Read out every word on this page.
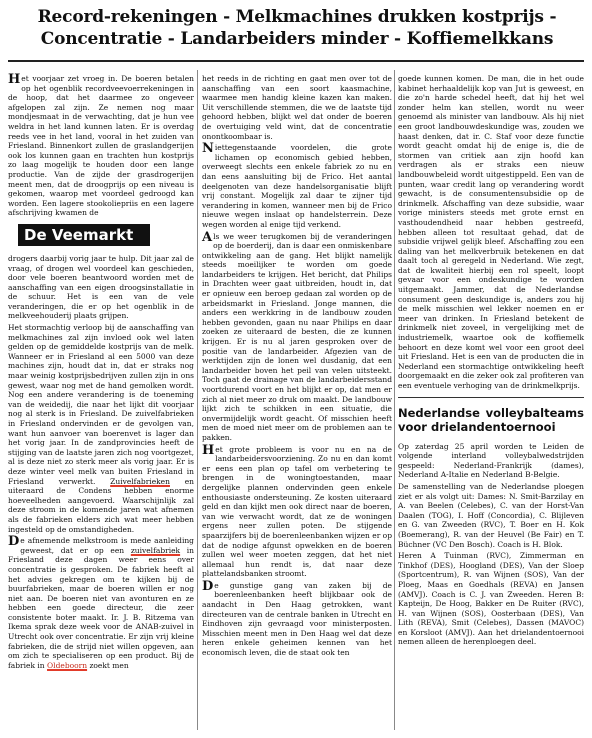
Record-rekeningen - Melkmachines drukken kostprijs -
Concentratie - Landarbeiders minder - Koffiemelkkans

Het voorjaar zet vroeg in. De boeren betalen op het ogenblik recordveevoerrekeningen in de hoop, dat het daarmee zo ongeveer afgelopen zal zijn. Ze nemen nog maar mondjesmaat in de verwachting, dat je hun vee weldra in het land kunnen laten. Er is overdag reeds vee in het land, vooral in het zuiden van Friesland. Binnenkort zullen de graslandgerijen ook los kunnen gaan en trachten hun kostprijs zo laag mogelijk te houden door een lange productie. Van de zijde der grasdrogerijen meent men, dat de droogprijs op een niveau is gekomen, waarop met voordeel gedroogd kan worden. Een lagere stookoliepriis en een lagere afschrijving kwamen de

De Veemarkt

drogers daarbij vorig jaar te hulp. Dit jaar zal de vraag, of drogen wel voordeel kan geschieden, door vele boeren beantwoord worden met de aanschaffing van een eigen droogsinstallatie in de schuur. Het is een van de vele veranderingen, die er op het ogenblik in de melkveehouderij plaats grijpen.

Het stormachtig verloop bij de aanschaffing van melkmachines zal zijn invloed ook wel laten gelden op de gemiddelde kostprijs van de melk. Wanneer er in Friesland al een 5000 van deze machines zijn, houdt dat in, dat er straks nog maar weinig kostprijsbedrijven zullen zijn in ons gewest, waar nog met de hand gemolken wordt. Nog een andere verandering is de toeneming van de weidedij, die naar het lijkt dit voorjaar nog al sterk is in Friesland. De zuivelfabrieken in Friesland ondervinden er de gevolgen van, want hun aanvoer van boerenvet is lager dan het vorig jaar. In de zandprovincies heeft de stijging van de laatste jaren zich nog voortgezet, al is deze niet zo sterk meer als vorig jaar. Er is deze winter veel melk van buiten Friesland in Friesland verwerkt. Zuivelfabrieken en uiteraard de Condens hebben enorme hoeveelheden aangevoerd. Waarschijnlijk zal deze stroom in de komende jaren wat afnemen als de fabrieken elders zich wat meer hebben ingesteld op de omstandigheden.

De afnemende melkstroom is mede aanleiding geweest, dat er op een zuivelfabriek in Friesland deze dagen weer eens over concentratie is gesproken. De fabriek heeft al het advies gekregen om te kijken bij de buurfabrieken, maar de boeren willen er nog niet aan. De boeren niet van avonturen en ze hebben een goede directeur, die zeer consistente boter maakt. Ir. J. B. Ritzema van Ikema sprak deze week voor de ANAB-zuivel in Utrecht ook over concentratie. Er zijn vrij kleine fabrieken, die de strijd niet willen opgeven, aan om zich te specialiseren op een product. Bij de fabriek in Oldeboorn zoekt men

het reeds in de richting en gaat men over tot de aanschaffing van een soort kaasmachine, waarmee men handig kleine kazen kan maken. Uit verschillende stemmen, die we de laatste tijd gehoord hebben, blijkt wel dat onder de boeren de overtuiging veld wint, dat de concentratie onontkoombaar is.

Niettegenstaande voordelen, die grote lichamen op economisch gebied hebben, overweegt slechts een enkele fabriek zo nu en dan eens aansluiting bij de Frico. Het aantal deelgenoten van deze handelsorganisatie blijft vrij constant. Mogelijk zal daar te zijner tijd verandering in komen, wanneer men bij de Frico nieuwe wegen inslaat op handelsterrein. Deze wegen worden al enige tijd verkend.

Als we weer terugkomen bij de veranderingen op de boerderij, dan is daar een onmiskenbare ontwikkeling aan de gang. Het blijkt namelijk steeds moeilijker te worden om goede landarbeiders te krijgen. Het bericht, dat Philips in Drachten weer gaat uitbreiden, houdt in, dat er opnieuw een beroep gedaan zal worden op de arbeidsmarkt in Friesland. Jonge mannen, die anders een werkkring in de landbouw zouden hebben gevonden, gaan nu naar Philips en daar zoeken ze uiteraard de besten, die ze kunnen krijgen. Er is nu al jaren gesproken over de positie van de landarbeider. Afgezien van de werktijden zijn de lonen wel dusdanig, dat een landarbeider boven het peil van velen uitsteekt. Toch gaat de drainage van de landarbeidersstand voortdurend voort en het blijkt er op, dat men er zich al niet meer zo druk om maakt. De landbouw lijkt zich te schikken in een situatie, die onvermijdelijk wordt geacht. Of misschien heeft men de moed niet meer om de problemen aan te pakken.

Het grote probleem is voor nu en na de landarbeidersvoorziening. Zo nu en dan komt er eens een plan op tafel om verbetering te brengen in de woningtoestanden, maar dergelijke plannen ondervinden geen enkele enthousiaste ondersteuning. Ze kosten uiteraard geld en dan kijkt men ook direct naar de boeren, van wie verwacht wordt, dat ze de woningen ergens neer zullen poten. De stijgende spaarzijfers bij de boerenleenbanken wijzen er op dat de nodige afgunst opwekken en de boeren zullen wel weer moeten zeggen, dat het niet allemaal hun rendt is, dat naar deze plattelandsbanken stroomt.

De gunstige gang van zaken bij de boerenleenbanken heeft blijkbaar ook de aandacht in Den Haag getrokken, want directeuren van de centrale banken in Utrecht en Eindhoven zijn gevraagd voor ministerposten. Misschien meent men in Den Haag wel dat deze heren enkele geheimen kennen van het economisch leven, die de staat ook ten

goede kunnen komen. De man, die in het oude kabinet herhaaldelijk kop van Jut is geweest, en die zo'n harde schedel heeft, dat hij het wel zonder helm kan stellen, wordt nu weer genoemd als minister van landbouw. Als hij niet een groot landbouwdeskundige was, zouden we haast denken, dat ir. C. Staf voor deze functie wordt geacht omdat hij de enige is, die de stormen van critiek aan zijn hoofd kan verdragen als er straks een nieuw landbouwbeleid wordt uitgestippeld. Een van de punten, waar credit lang op verandering wordt gewacht, is de consumentensubsidie op de drinkmelk. Afschaffing van deze subsidie, waar vorige ministers steeds met grote ernst en vasthoudendheid naar hebben gestreefd, hebben alleen tot resultaat gehad, dat de subsidie vrijwel gelijk bleef. Afschaffing zou een daling van het melkverbruik betekenen en dat daalt toch al geregeld in Nederland. Wie zegt, dat de kwaliteit hierbij een rol speelt, loopt gevaar voor een ondeskundige te worden uitgemaakt. Jammer, dat de Nederlandse consument geen deskundige is, anders zou hij de melk misschien wel lekker noemen en er meer van drinken. In Friesland betekent de drinkmelk niet zoveel, in vergelijking met de industriemelk, waartoe ook de koffiemelk behoort en deze komt wel voor een groot deel uit Friesland. Het is een van de producten die in Nederland een stormachtige ontwikkeling heeft doorgemaakt en die zeker ook zal profiteren van een eventuele verhoging van de drinkmelkprijs.

Nederlandse volleybalteams voor drielandentoernooi

Op zaterdag 25 april worden te Leiden de volgende interland volleybalwedstrijden gespeeld: Nederland-Frankrijk (dames), Nederland A-Italie en Nederland B-Belgie.

De samenstelling van de Nederlandse ploegen ziet er als volgt uit: Dames: N. Smit-Barzilay en A. van Beelen (Celebes), C. van der Horst-Van Daalen (TOG), I. Hoff (Concordia), C. Blijleven en G. van Zweeden (RVC), T. Boer en H. Kok (Boemerang), R. van der Heuvel (Be Fair) en T. Büchner (VC Den Bosch). Coach is H. Blok.

Heren A Tuinman (RVC), Zimmerman en Tinkhof (DES), Hoogland (DES), Van der Sloep (Sportcentrum), R. van Wijnen (SOS), Van der Ploeg, Maas en Goedhals (REVA) en Jansen (AMVJ). Coach is C. J. van Zweeden. Heren B: Kapteijn, De Hoog, Bakker en De Ruiter (RVC), H. van Wijnen (SOS), Oosterbaan (DES), Van Lith (REVA), Smit (Celebes), Dassen (MAVOC) en Korsloot (AMVJ). Aan het drielandentoernooi nemen alleen de herenploegen deel.
